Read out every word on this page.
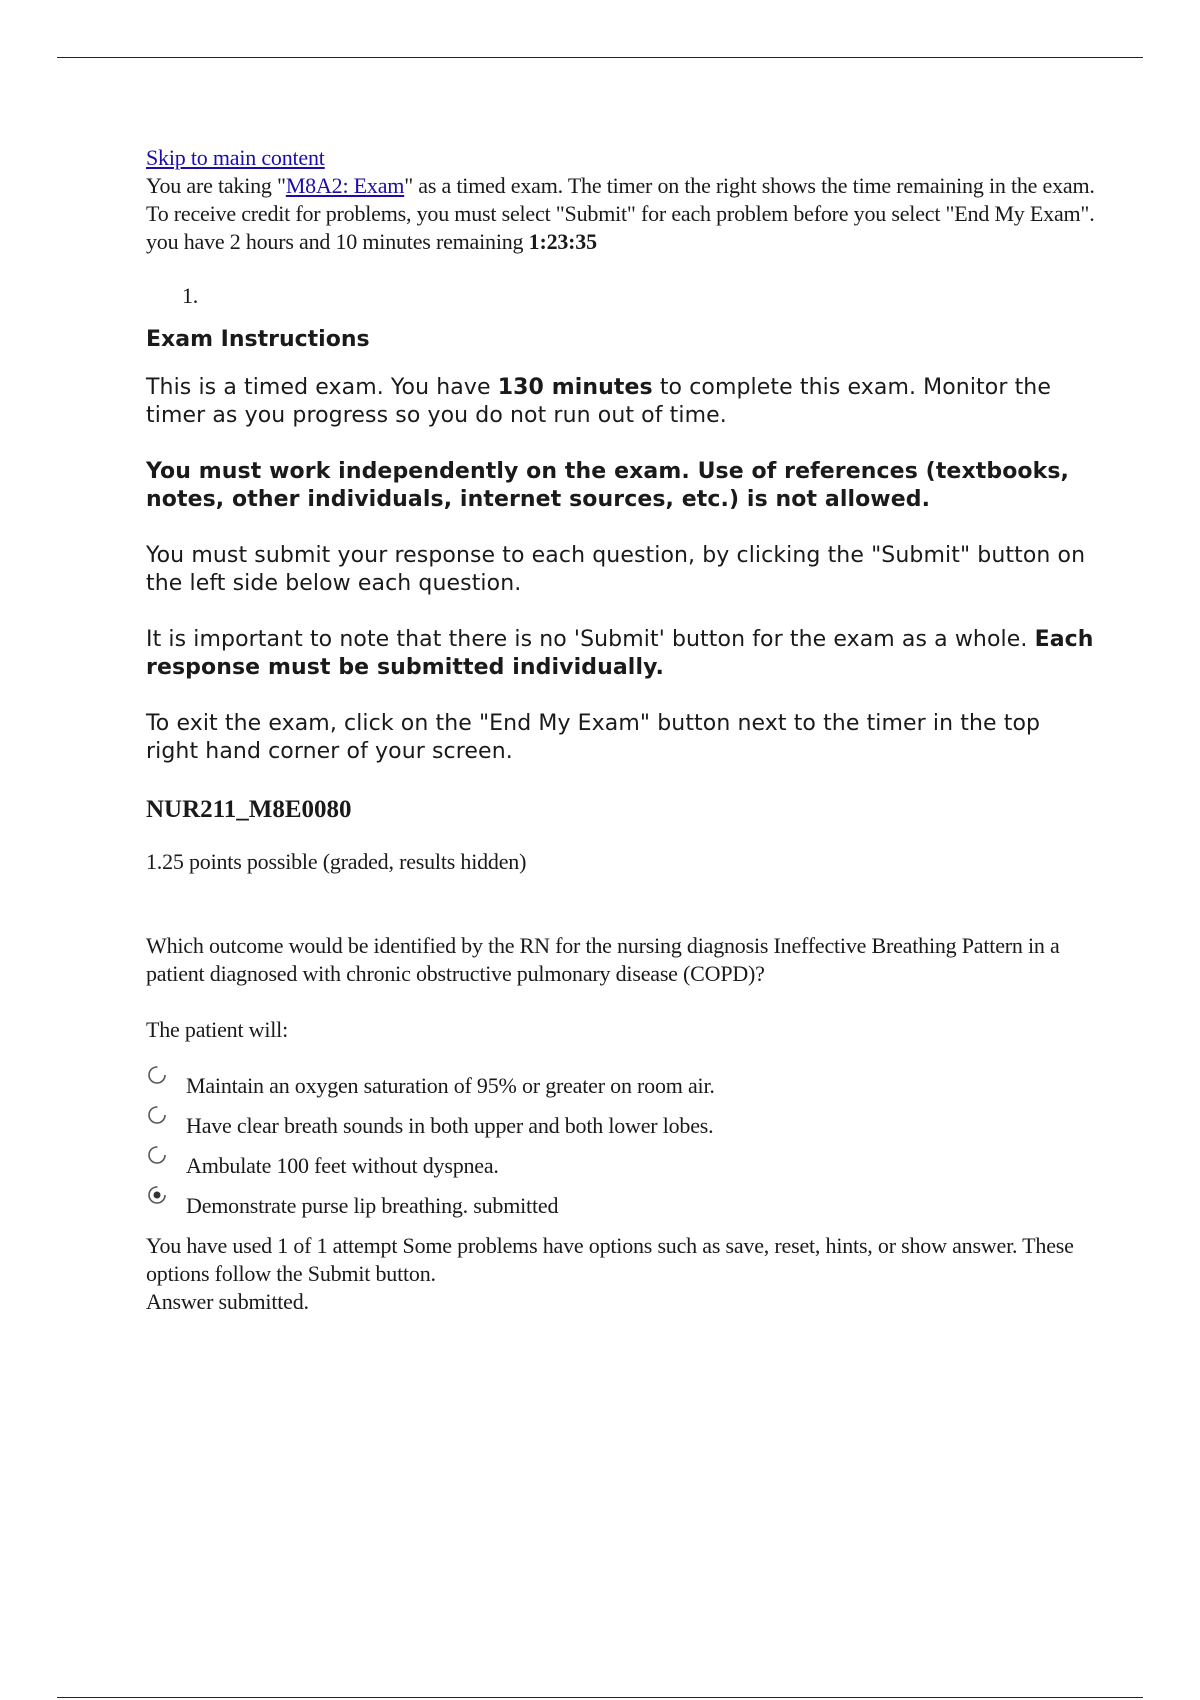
Skip to main content

You are taking "M8A2: Exam" as a timed exam. The timer on the right shows the time remaining in the exam. To receive credit for problems, you must select "Submit" for each problem before you select "End My Exam".

you have 2 hours and 10 minutes remaining 1:23:35

1.
Exam Instructions

This is a timed exam. You have 130 minutes to complete this exam. Monitor the timer as you progress so you do not run out of time.

You must work independently on the exam. Use of references (textbooks, notes, other individuals, internet sources, etc.) is not allowed.

You must submit your response to each question, by clicking the "Submit" button on the left side below each question.

It is important to note that there is no 'Submit' button for the exam as a whole. Each response must be submitted individually.

To exit the exam, click on the "End My Exam" button next to the timer in the top right hand corner of your screen.

NUR211_M8E0080
1.25 points possible (graded, results hidden)
Which outcome would be identified by the RN for the nursing diagnosis Ineffective Breathing Pattern in a patient diagnosed with chronic obstructive pulmonary disease (COPD)?
The patient will:
Maintain an oxygen saturation of 95% or greater on room air.
Have clear breath sounds in both upper and both lower lobes.
Ambulate 100 feet without dyspnea.
Demonstrate purse lip breathing. submitted

You have used 1 of 1 attempt Some problems have options such as save, reset, hints, or show answer. These options follow the Submit button.

Answer submitted.
